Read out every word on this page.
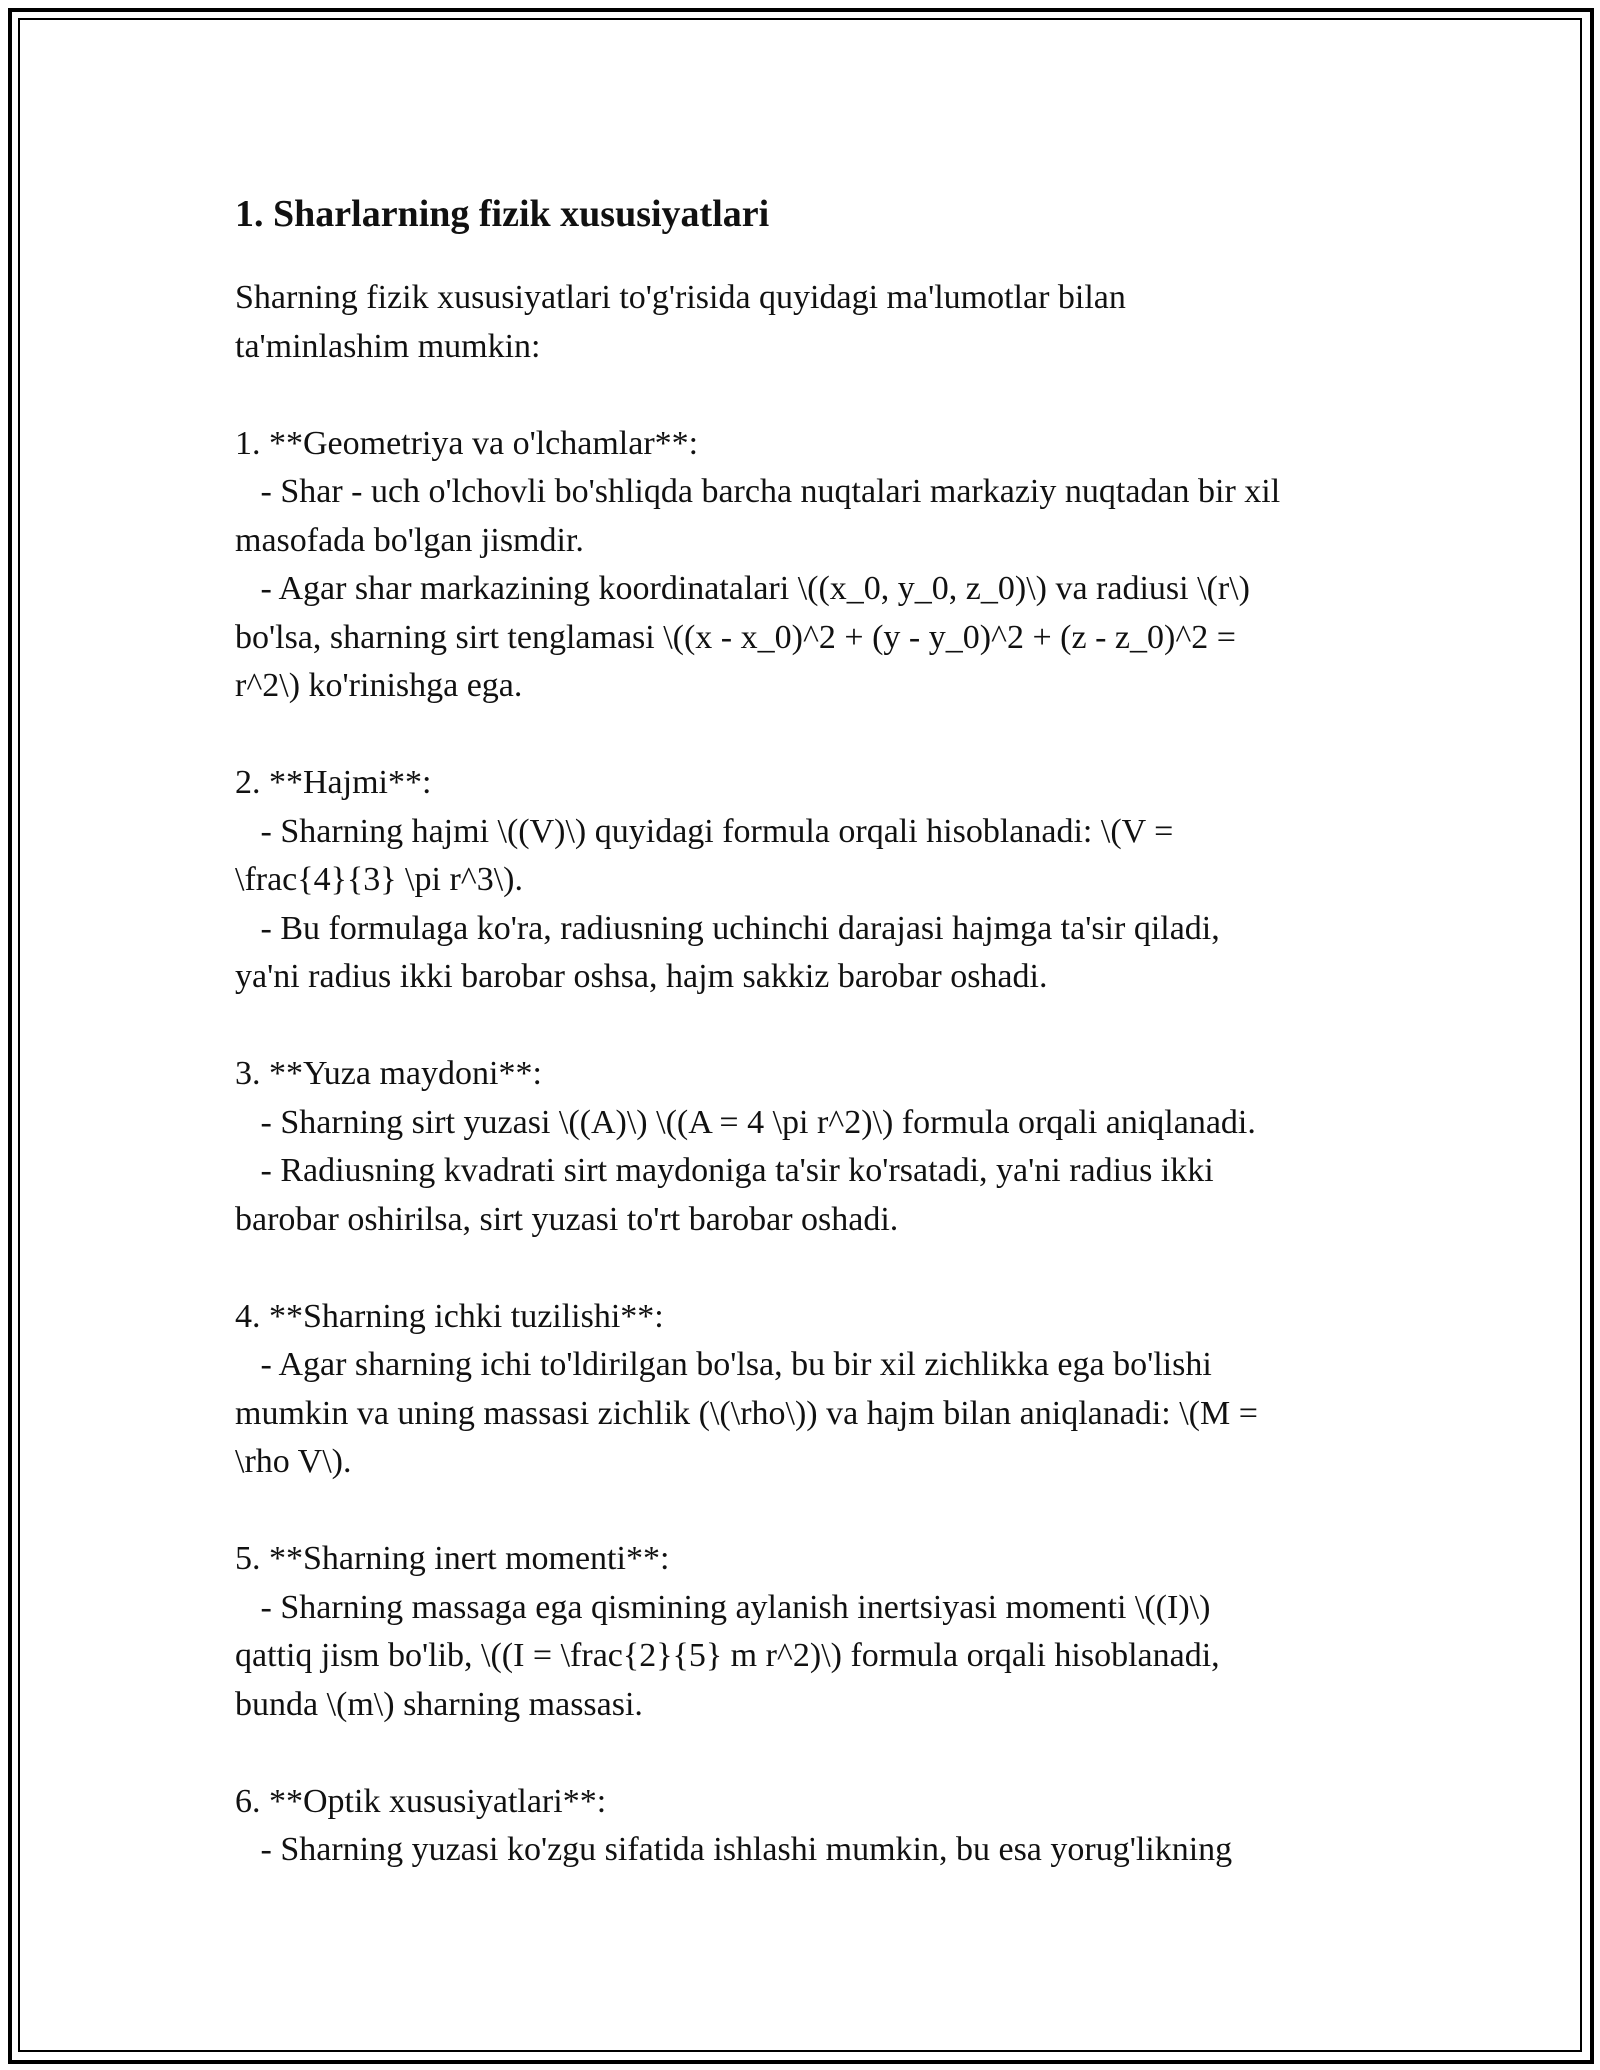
1. Sharlarning fizik xususiyatlari

Sharning fizik xususiyatlari to'g'risida quyidagi ma'lumotlar bilan

ta'minlashim mumkin:

1. **Geometriya va o'lchamlar**:

- Shar - uch o'lchovli bo'shliqda barcha nuqtalari markaziy nuqtadan bir xil

masofada bo'lgan jismdir.

- Agar shar markazining koordinatalari \((x_0, y_0, z_0)\) va radiusi \(r\)

bo'lsa, sharning sirt tenglamasi \((x - x_0)^2 + (y - y_0)^2 + (z - z_0)^2 =

r^2\) ko'rinishga ega.

2. **Hajmi**:

- Sharning hajmi \((V)\) quyidagi formula orqali hisoblanadi: \(V =

\frac{4}{3} \pi r^3\).

- Bu formulaga ko'ra, radiusning uchinchi darajasi hajmga ta'sir qiladi,

ya'ni radius ikki barobar oshsa, hajm sakkiz barobar oshadi.

3. **Yuza maydoni**:

- Sharning sirt yuzasi \((A)\) \((A = 4 \pi r^2)\) formula orqali aniqlanadi.

- Radiusning kvadrati sirt maydoniga ta'sir ko'rsatadi, ya'ni radius ikki

barobar oshirilsa, sirt yuzasi to'rt barobar oshadi.

4. **Sharning ichki tuzilishi**:

- Agar sharning ichi to'ldirilgan bo'lsa, bu bir xil zichlikka ega bo'lishi

mumkin va uning massasi zichlik (\(\rho\)) va hajm bilan aniqlanadi: \(M =

\rho V\).

5. **Sharning inert momenti**:

- Sharning massaga ega qismining aylanish inertsiyasi momenti \((I)\)

qattiq jism bo'lib, \((I = \frac{2}{5} m r^2)\) formula orqali hisoblanadi,

bunda \(m\) sharning massasi.

6. **Optik xususiyatlari**:

- Sharning yuzasi ko'zgu sifatida ishlashi mumkin, bu esa yorug'likning
